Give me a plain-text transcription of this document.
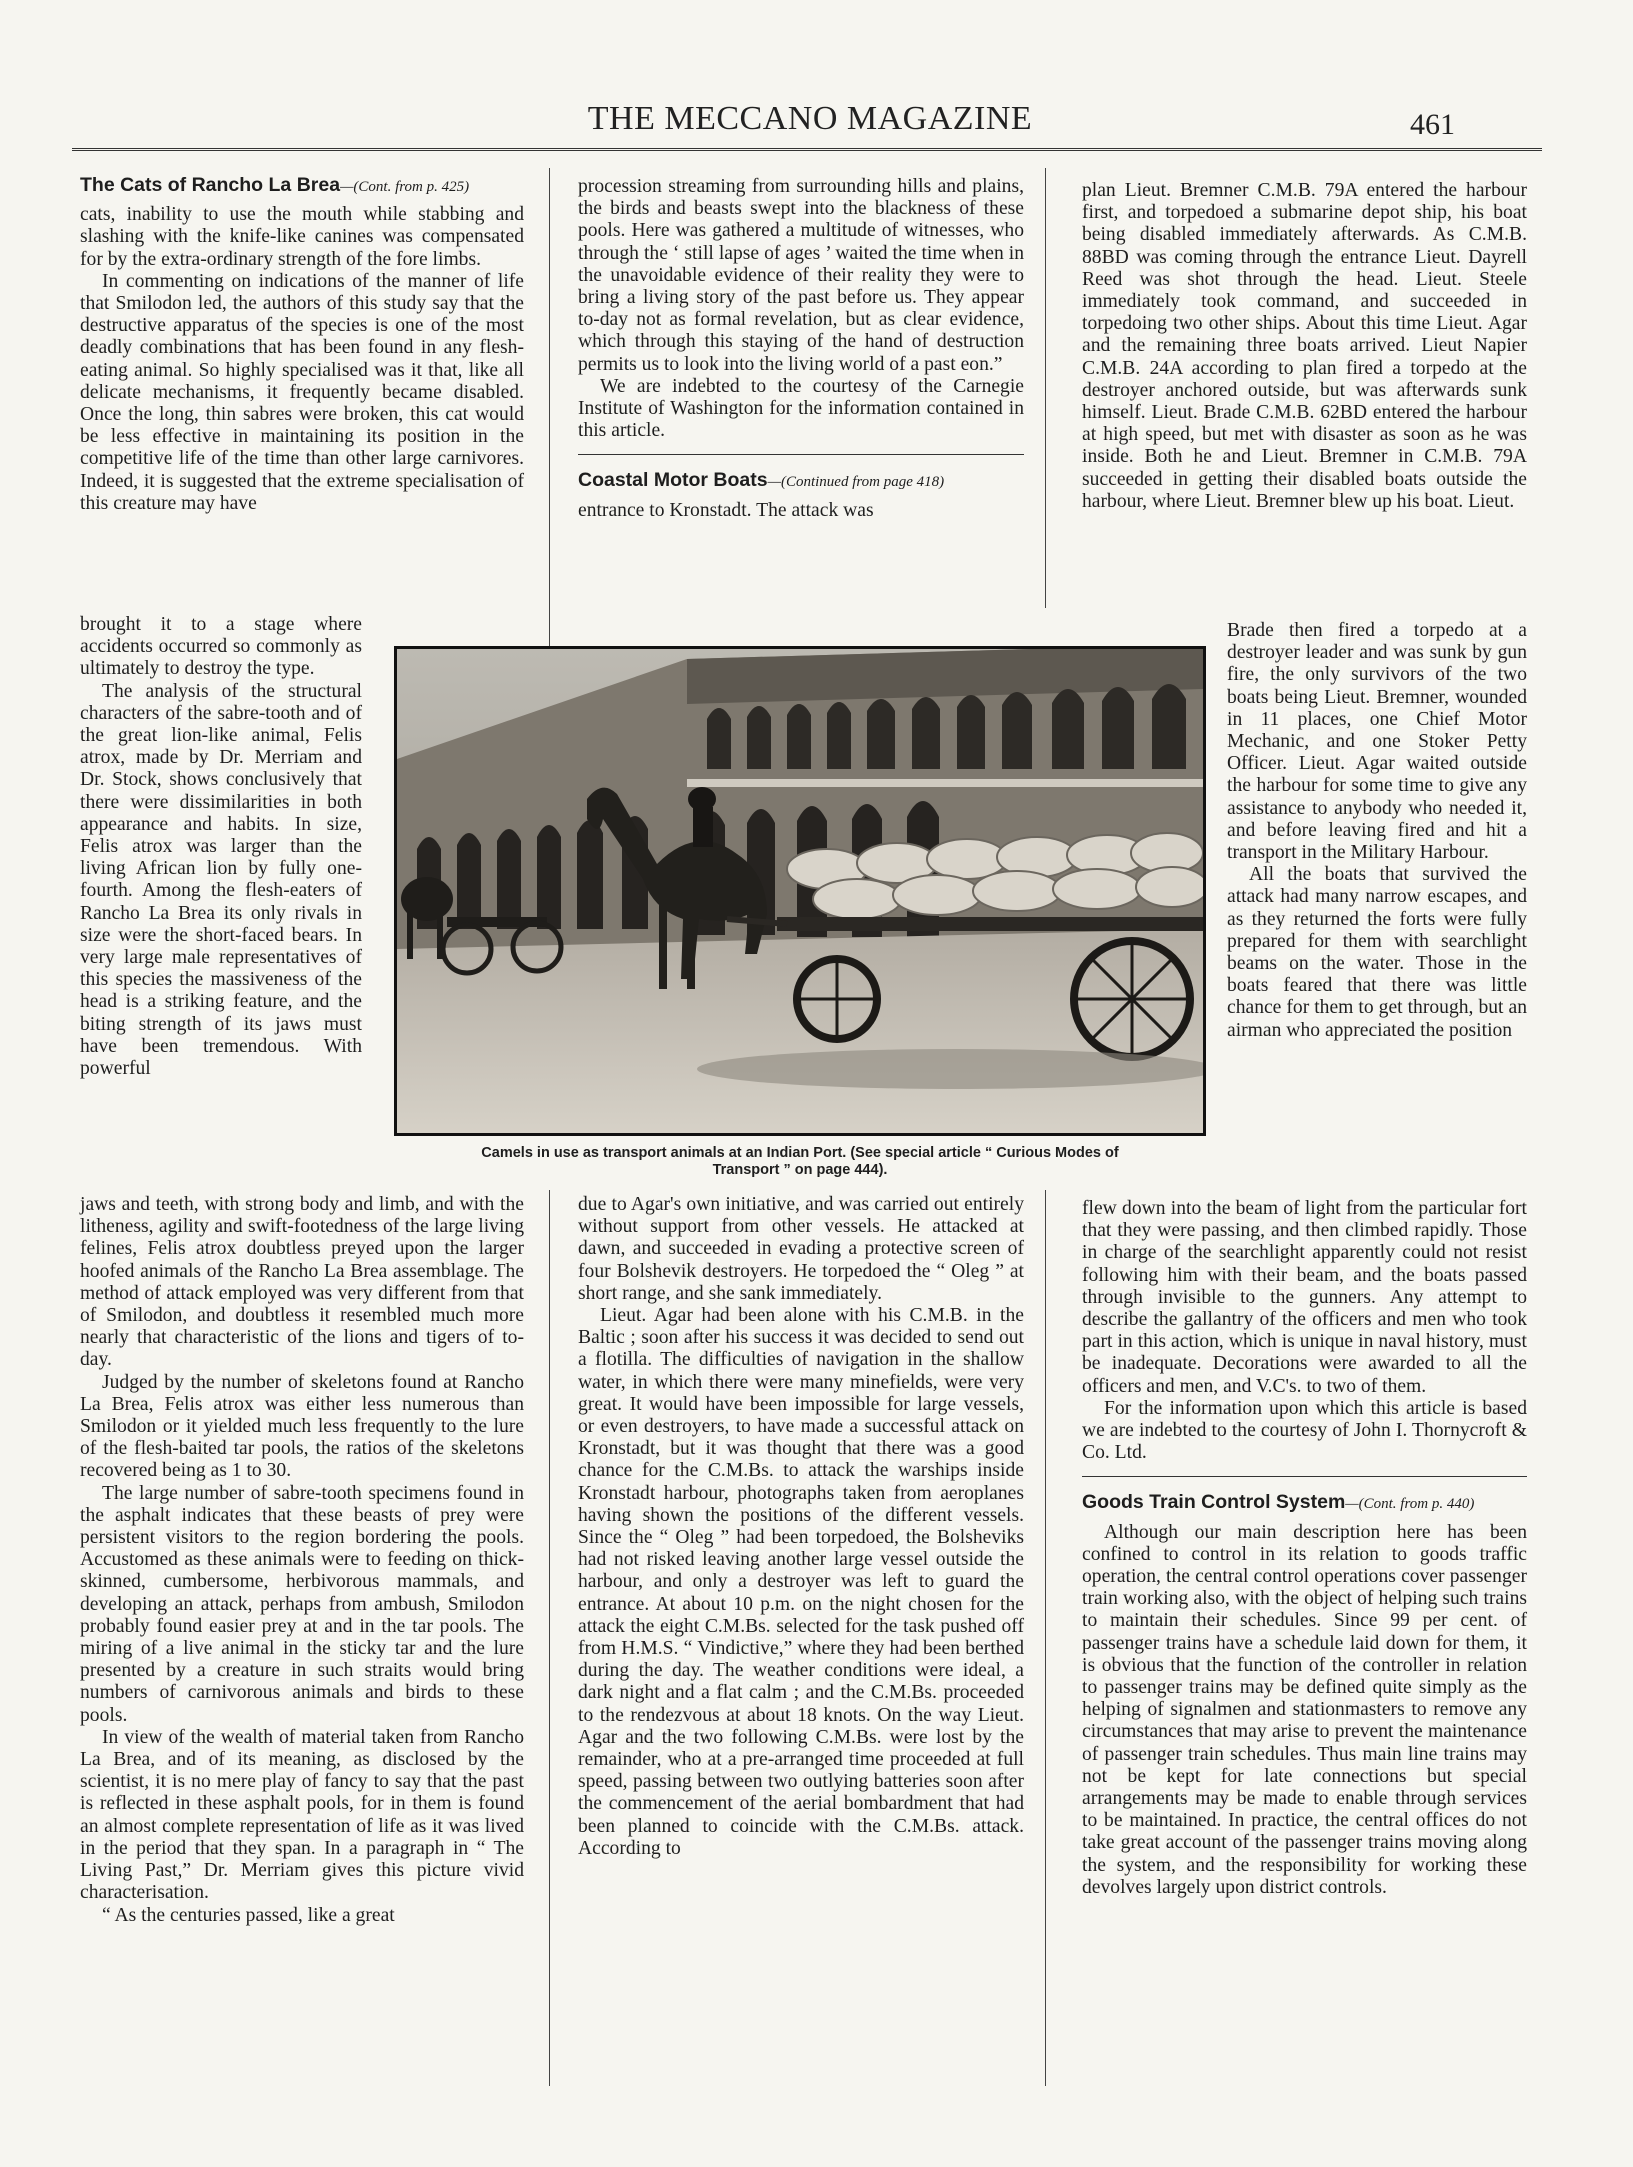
THE MECCANO MAGAZINE	461
The Cats of Rancho La Brea—(Cont. from p. 425)

cats, inability to use the mouth while stabbing and slashing with the knife-like canines was compensated for by the extra-ordinary strength of the fore limbs.

In commenting on indications of the manner of life that Smilodon led, the authors of this study say that the destructive apparatus of the species is one of the most deadly combinations that has been found in any flesh-eating animal. So highly specialised was it that, like all delicate mechanisms, it frequently became disabled. Once the long, thin sabres were broken, this cat would be less effective in maintaining its position in the competitive life of the time than other large carnivores. Indeed, it is suggested that the extreme specialisation of this creature may have

brought it to a stage where accidents occurred so commonly as ultimately to destroy the type.

The analysis of the structural characters of the sabre-tooth and of the great lion-like animal, Felis atrox, made by Dr. Merriam and Dr. Stock, shows conclusively that there were dissimilarities in both appearance and habits. In size, Felis atrox was larger than the living African lion by fully one-fourth. Among the flesh-eaters of Rancho La Brea its only rivals in size were the short-faced bears. In very large male representatives of this species the massiveness of the head is a striking feature, and the biting strength of its jaws must have been tremendous. With powerful

jaws and teeth, with strong body and limb, and with the litheness, agility and swift-footedness of the large living felines, Felis atrox doubtless preyed upon the larger hoofed animals of the Rancho La Brea assemblage. The method of attack employed was very different from that of Smilodon, and doubtless it resembled much more nearly that characteristic of the lions and tigers of to-day.

Judged by the number of skeletons found at Rancho La Brea, Felis atrox was either less numerous than Smilodon or it yielded much less frequently to the lure of the flesh-baited tar pools, the ratios of the skeletons recovered being as 1 to 30.

The large number of sabre-tooth specimens found in the asphalt indicates that these beasts of prey were persistent visitors to the region bordering the pools. Accustomed as these animals were to feeding on thick-skinned, cumbersome, herbivorous mammals, and developing an attack, perhaps from ambush, Smilodon probably found easier prey at and in the tar pools. The miring of a live animal in the sticky tar and the lure presented by a creature in such straits would bring numbers of carnivorous animals and birds to these pools.

In view of the wealth of material taken from Rancho La Brea, and of its meaning, as disclosed by the scientist, it is no mere play of fancy to say that the past is reflected in these asphalt pools, for in them is found an almost complete representation of life as it was lived in the period that they span. In a paragraph in “ The Living Past,” Dr. Merriam gives this picture vivid characterisation.

“ As the centuries passed, like a great

procession streaming from surrounding hills and plains, the birds and beasts swept into the blackness of these pools. Here was gathered a multitude of witnesses, who through the ‘ still lapse of ages ’ waited the time when in the unavoidable evidence of their reality they were to bring a living story of the past before us. They appear to-day not as formal revelation, but as clear evidence, which through this staying of the hand of destruction permits us to look into the living world of a past eon.”

We are indebted to the courtesy of the Carnegie Institute of Washington for the information contained in this article.

Coastal Motor Boats—(Continued from page 418)

entrance to Kronstadt. The attack was

due to Agar's own initiative, and was carried out entirely without support from other vessels. He attacked at dawn, and succeeded in evading a protective screen of four Bolshevik destroyers. He torpedoed the “ Oleg ” at short range, and she sank immediately.

Lieut. Agar had been alone with his C.M.B. in the Baltic ; soon after his success it was decided to send out a flotilla. The difficulties of navigation in the shallow water, in which there were many minefields, were very great. It would have been impossible for large vessels, or even destroyers, to have made a successful attack on Kronstadt, but it was thought that there was a good chance for the C.M.Bs. to attack the warships inside Kronstadt harbour, photographs taken from aeroplanes having shown the positions of the different vessels. Since the “ Oleg ” had been torpedoed, the Bolsheviks had not risked leaving another large vessel outside the harbour, and only a destroyer was left to guard the entrance. At about 10 p.m. on the night chosen for the attack the eight C.M.Bs. selected for the task pushed off from H.M.S. “ Vindictive,” where they had been berthed during the day. The weather conditions were ideal, a dark night and a flat calm ; and the C.M.Bs. proceeded to the rendezvous at about 18 knots. On the way Lieut. Agar and the two following C.M.Bs. were lost by the remainder, who at a pre-arranged time proceeded at full speed, passing between two outlying batteries soon after the commencement of the aerial bombardment that had been planned to coincide with the C.M.Bs. attack. According to

plan Lieut. Bremner C.M.B. 79A entered the harbour first, and torpedoed a submarine depot ship, his boat being disabled immediately afterwards. As C.M.B. 88BD was coming through the entrance Lieut. Dayrell Reed was shot through the head. Lieut. Steele immediately took command, and succeeded in torpedoing two other ships. About this time Lieut. Agar and the remaining three boats arrived. Lieut Napier C.M.B. 24A according to plan fired a torpedo at the destroyer anchored outside, but was afterwards sunk himself. Lieut. Brade C.M.B. 62BD entered the harbour at high speed, but met with disaster as soon as he was inside. Both he and Lieut. Bremner in C.M.B. 79A succeeded in getting their disabled boats outside the harbour, where Lieut. Bremner blew up his boat. Lieut.

Brade then fired a torpedo at a destroyer leader and was sunk by gun fire, the only survivors of the two boats being Lieut. Bremner, wounded in 11 places, one Chief Motor Mechanic, and one Stoker Petty Officer. Lieut. Agar waited outside the harbour for some time to give any assistance to anybody who needed it, and before leaving fired and hit a transport in the Military Harbour.

All the boats that survived the attack had many narrow escapes, and as they returned the forts were fully prepared for them with searchlight beams on the water. Those in the boats feared that there was little chance for them to get through, but an airman who appreciated the position

flew down into the beam of light from the particular fort that they were passing, and then climbed rapidly. Those in charge of the searchlight apparently could not resist following him with their beam, and the boats passed through invisible to the gunners. Any attempt to describe the gallantry of the officers and men who took part in this action, which is unique in naval history, must be inadequate. Decorations were awarded to all the officers and men, and V.C's. to two of them.

For the information upon which this article is based we are indebted to the courtesy of John I. Thornycroft & Co. Ltd.

Goods Train Control System—(Cont. from p. 440)

Although our main description here has been confined to control in its relation to goods traffic operation, the central control operations cover passenger train working also, with the object of helping such trains to maintain their schedules. Since 99 per cent. of passenger trains have a schedule laid down for them, it is obvious that the function of the controller in relation to passenger trains may be defined quite simply as the helping of signalmen and stationmasters to remove any circumstances that may arise to prevent the maintenance of passenger train schedules. Thus main line trains may not be kept for late connections but special arrangements may be made to enable through services to be maintained. In practice, the central offices do not take great account of the passenger trains moving along the system, and the responsibility for working these devolves largely upon district controls.

Camels in use as transport animals at an Indian Port. (See special article “ Curious Modes of
Transport ” on page 444).
